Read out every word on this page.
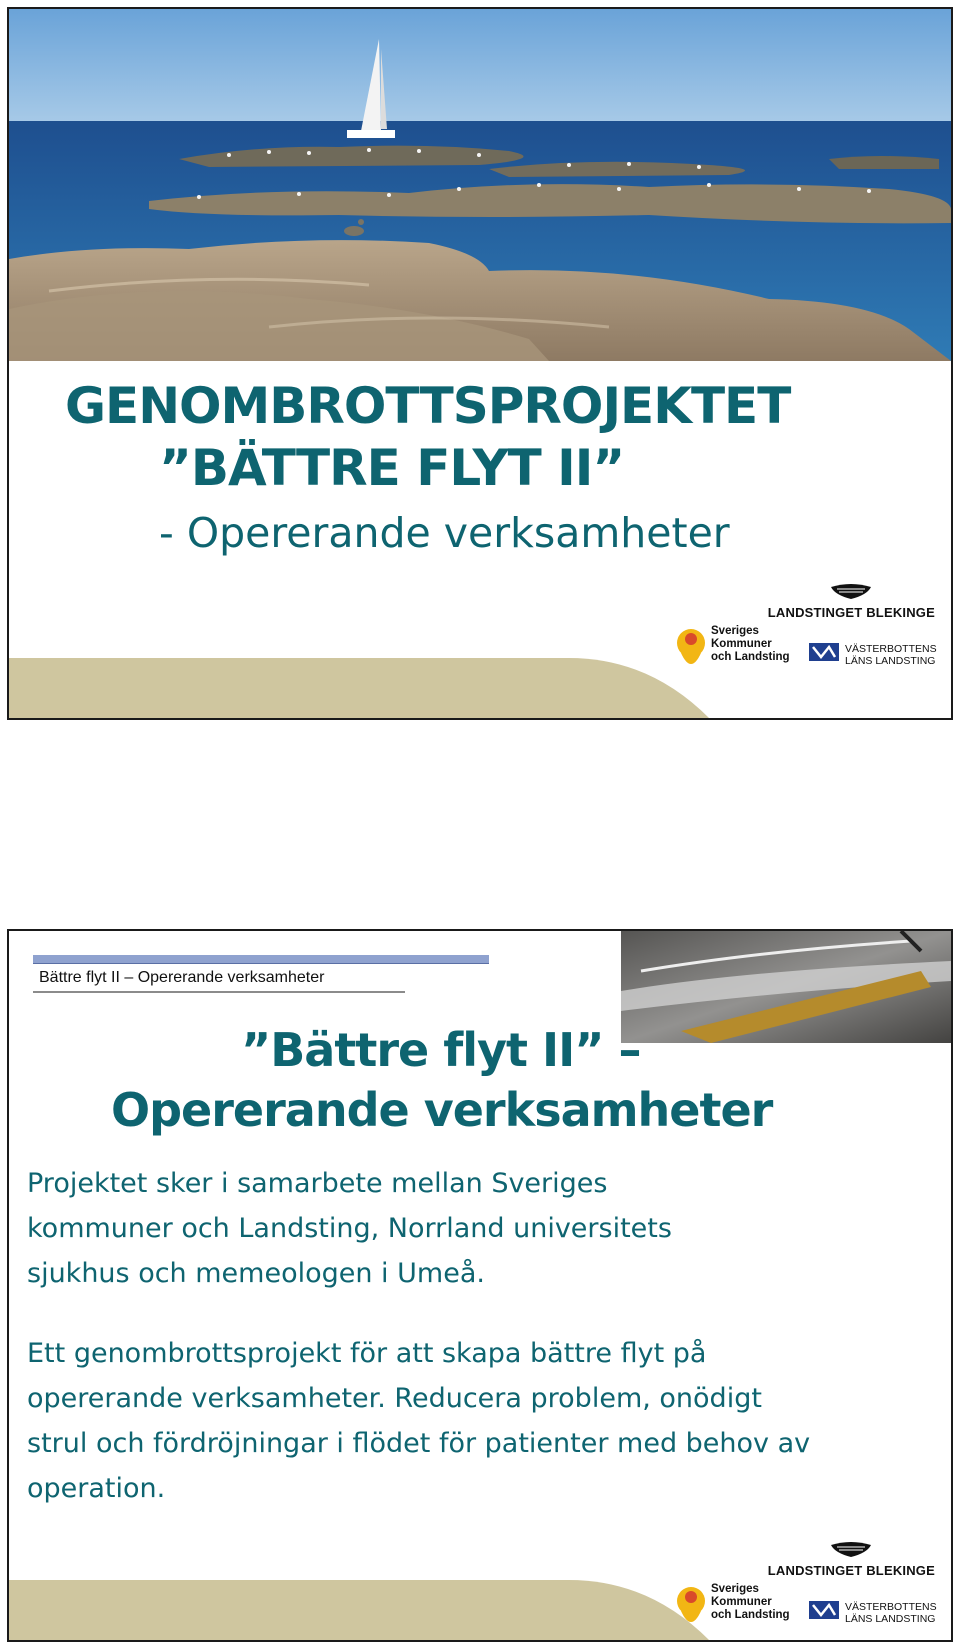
GENOMBROTTSPROJEKTET
”BÄTTRE FLYT II”
- Opererande verksamheter
LANDSTINGET BLEKINGE
Sveriges
Kommuner
och Landsting
VÄSTERBOTTENS
LÄNS LANDSTING
Bättre flyt II – Opererande verksamheter
”Bättre flyt II” –
Opererande verksamheter
Projektet sker i samarbete mellan Sveriges kommuner och Landsting, Norrland universitets sjukhus och memeologen i Umeå.
Ett genombrottsprojekt för att skapa bättre flyt på opererande verksamheter. Reducera problem, onödigt strul och fördröjningar i flödet för patienter med behov av operation.
LANDSTINGET BLEKINGE
Sveriges
Kommuner
och Landsting
VÄSTERBOTTENS
LÄNS LANDSTING
